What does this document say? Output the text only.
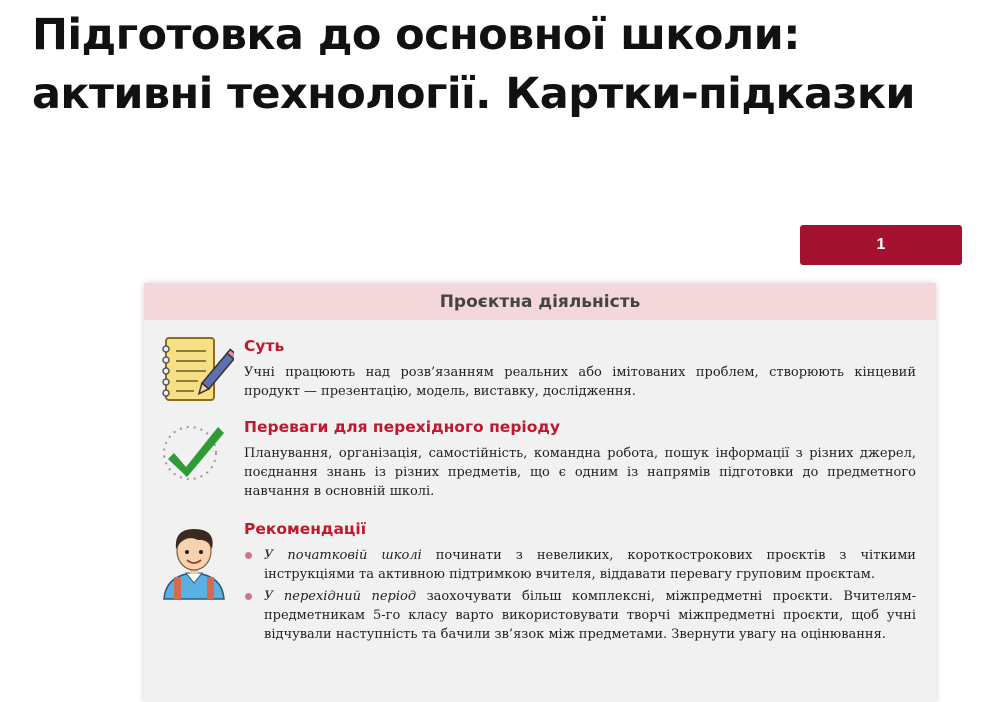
Підготовка до основної школи:
активні технології. Картки-підказки
1
Проєктна діяльність
Суть

Учні працюють над розв’язанням реальних або імітованих проблем, створюють кінцевий продукт — презентацію, модель, виставку, дослідження.

Переваги для перехідного періоду

Планування, організація, самостійність, командна робота, пошук інформації з різних джерел, поєднання знань із різних предметів, що є одним із напрямів підготовки до предметного навчання в основній школі.

Рекомендації
У початковій школі починати з невеликих, короткострокових проєктів з чіткими інструкціями та активною підтримкою вчителя, віддавати перевагу груповим проєктам.
У перехідний період заохочувати більш комплексні, міжпредметні проєкти. Вчителям-предметникам 5-го класу варто використовувати творчі міжпредметні проєкти, щоб учні відчували наступність та бачили зв’язок між предметами. Звернути увагу на оцінювання.
